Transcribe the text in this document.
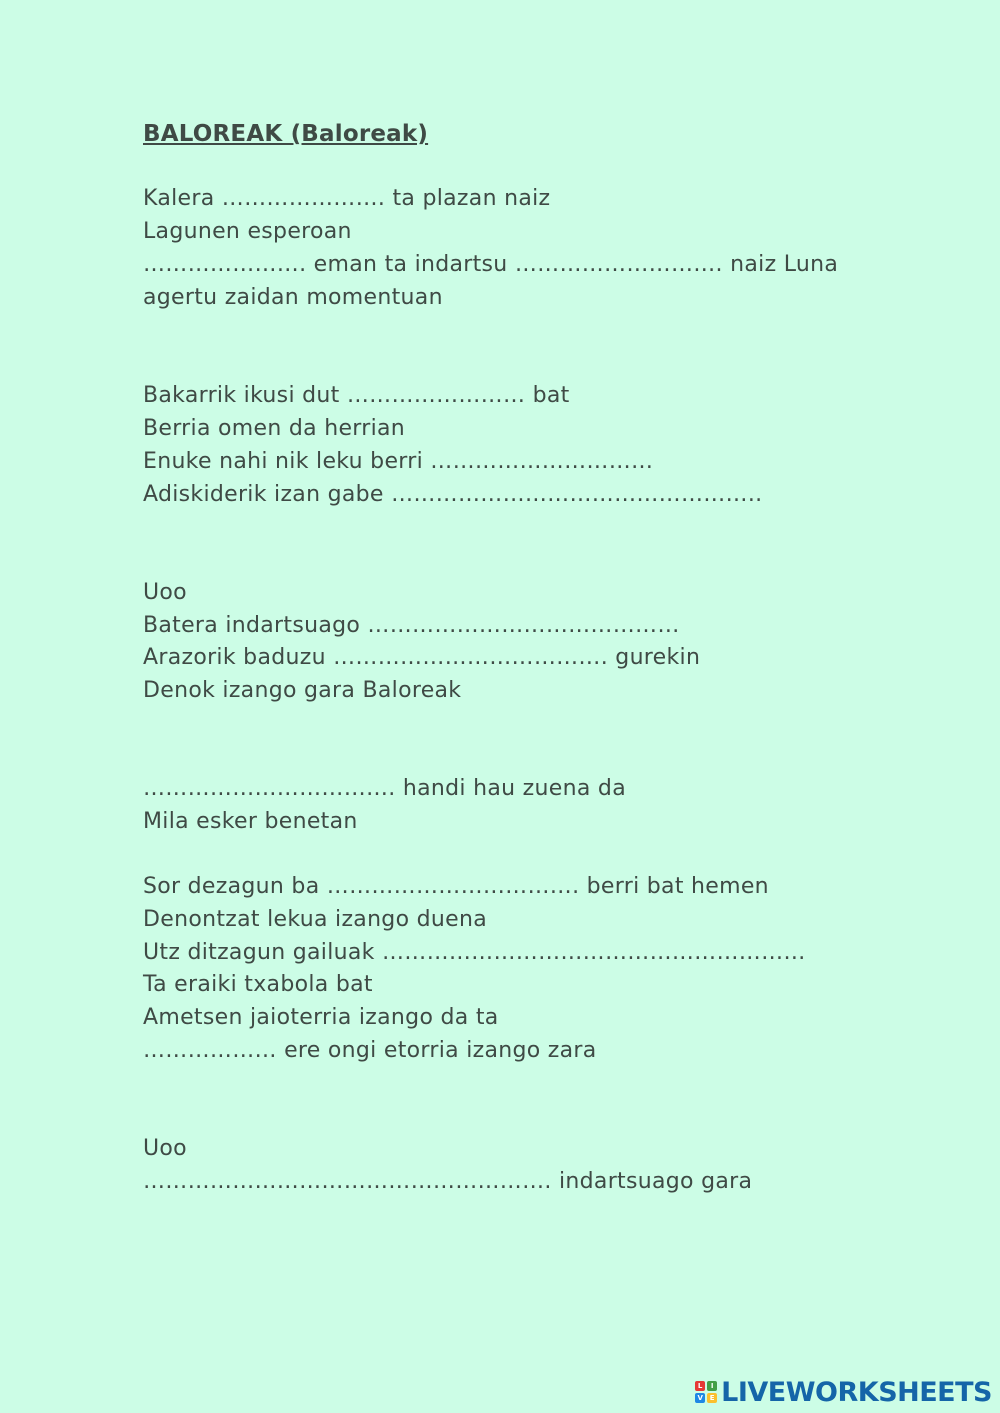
BALOREAK (Baloreak)
Kalera …………………. ta plazan naiz
Lagunen esperoan
…………………. eman ta indartsu ………………………. naiz Luna
agertu zaidan momentuan
Bakarrik ikusi dut …………………… bat
Berria omen da herrian
Enuke nahi nik leku berri …………………………
Adiskiderik izan gabe …………………………………………..
Uoo
Batera indartsuago ……………………………………
Arazorik baduzu ………………………………. gurekin
Denok izango gara Baloreak
……………………………. handi hau zuena da
Mila esker benetan
Sor dezagun ba ……………………………. berri bat hemen
Denontzat lekua izango duena
Utz ditzagun gailuak …………………………………………………
Ta eraiki txabola bat
Ametsen jaioterria izango da ta
……………… ere ongi etorria izango zara
Uoo
………………………………………………. indartsuago gara
L	I
V E LIVEWORKSHEETS
